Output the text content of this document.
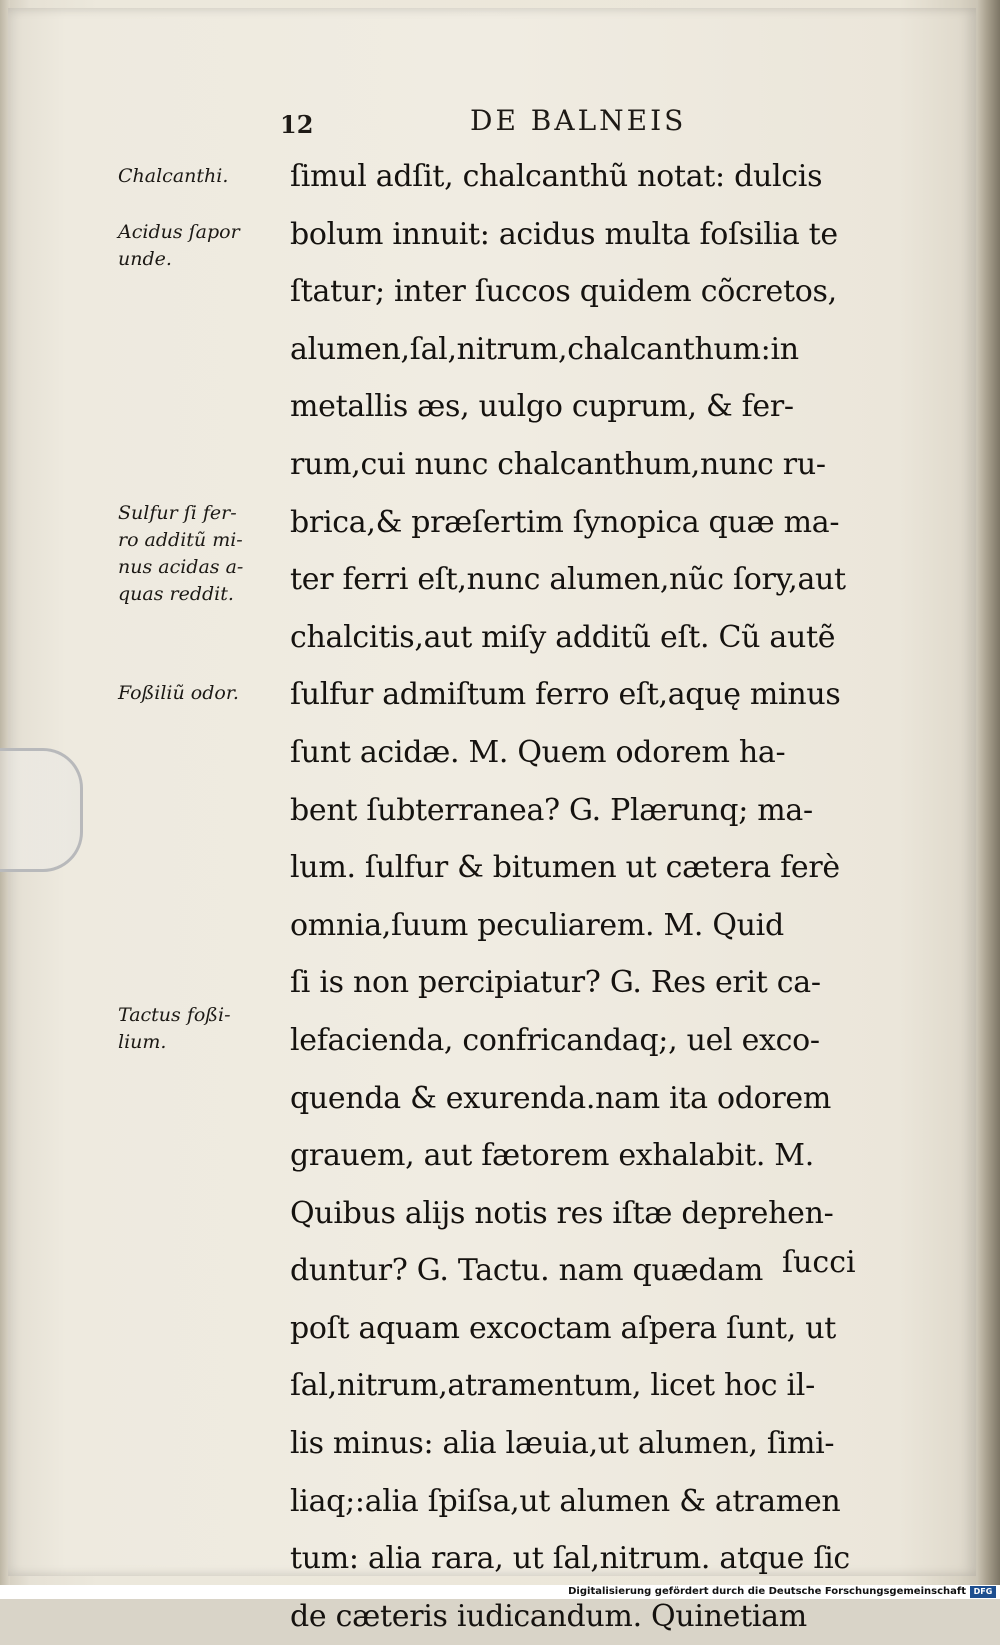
12	DE BALNEIS
ſimul adſit, chalcanthũ notat: dulcis
bolum innuit: acidus multa foſsilia te
ſtatur; inter ſuccos quidem cõcretos,
alumen,ſal,nitrum,chalcanthum:in
metallis æs, uulgo cuprum, & fer-
rum,cui nunc chalcanthum,nunc ru-
brica,& præſertim ſynopica quæ ma-
ter ferri eſt,nunc alumen,nũc ſory,aut
chalcitis,aut miſy additũ eſt. Cũ autẽ
ſulfur admiſtum ferro eſt,aquę minus
ſunt acidæ. M. Quem odorem ha-
bent ſubterranea? G. Plærunq; ma-
lum. ſulfur & bitumen ut cætera ferè
omnia,ſuum peculiarem. M. Quid
ſi is non percipiatur? G. Res erit ca-
lefacienda, confricandaq;, uel exco-
quenda & exurenda.nam ita odorem
grauem, aut fætorem exhalabit. M.
Quibus alijs notis res iſtæ deprehen-
duntur? G. Tactu. nam quædam
poſt aquam excoctam aſpera ſunt, ut
ſal,nitrum,atramentum, licet hoc il-
lis minus: alia læuia,ut alumen, ſimi-
liaq;:alia ſpiſsa,ut alumen & atramen
tum: alia rara, ut ſal,nitrum. atque ſic
de cæteris iudicandum. Quinetiam
ſucci
Chalcanthi.
Acidus ſapor
unde.
Sulfur ſi fer-
ro additũ mi-
nus acidas a-
quas reddit.
Foßiliũ odor.
Tactus foßi-
lium.
Digitalisierung gefördert durch die Deutsche Forschungsgemeinschaft DFG
